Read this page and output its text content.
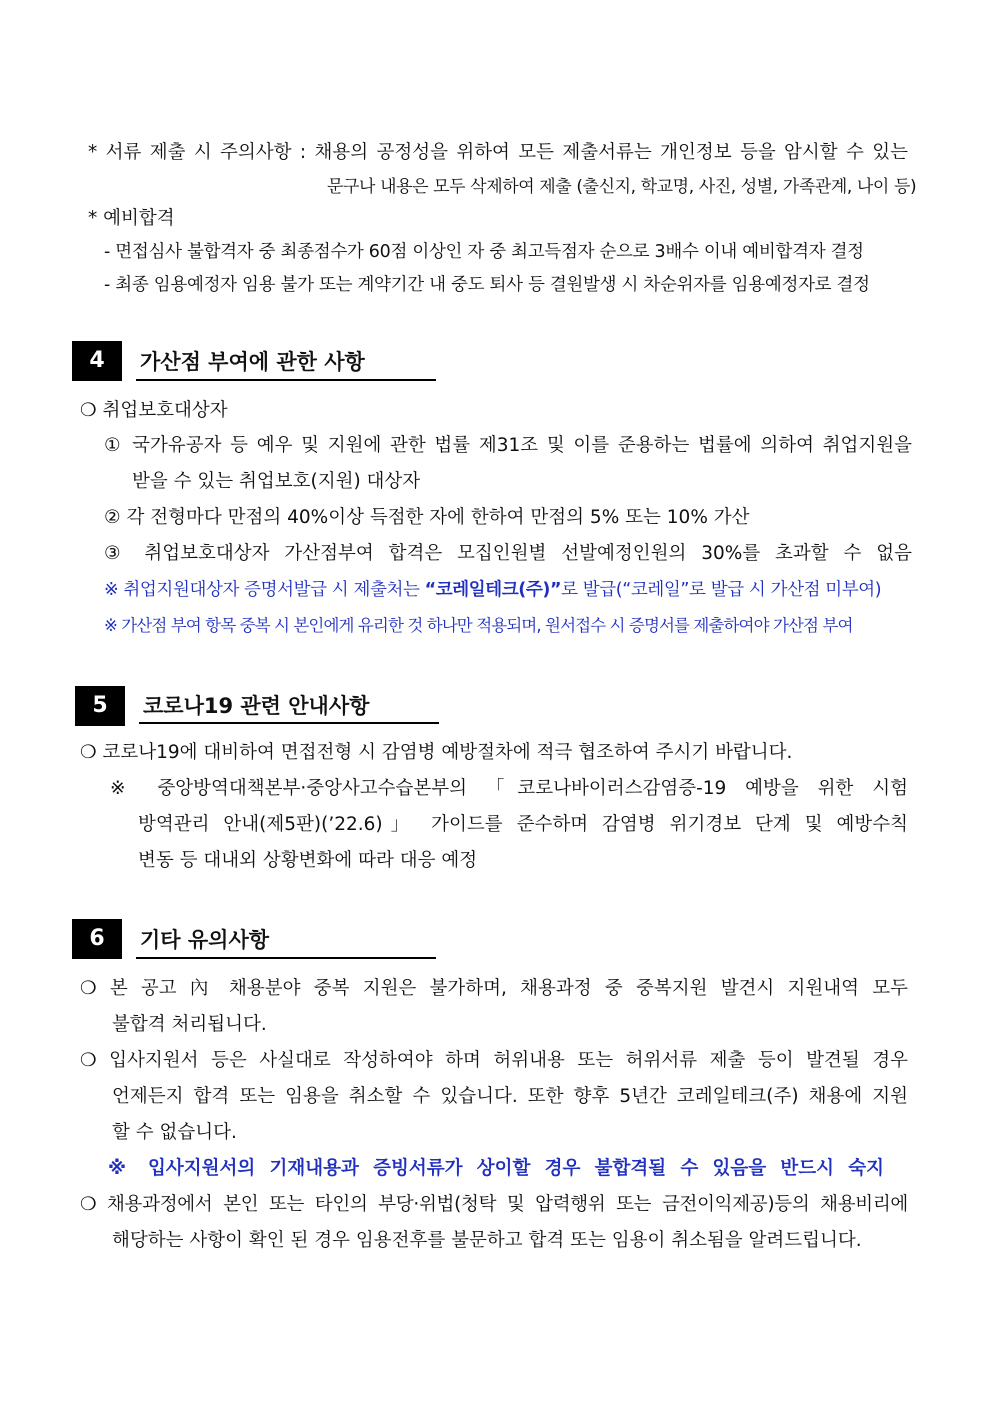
* 서류 제출 시 주의사항 : 채용의 공정성을 위하여 모든 제출서류는 개인정보 등을 암시할 수 있는
문구나 내용은 모두 삭제하여 제출 (출신지, 학교명, 사진, 성별, 가족관계, 나이 등)
* 예비합격
- 면접심사 불합격자 중 최종점수가 60점 이상인 자 중 최고득점자 순으로 3배수 이내 예비합격자 결정
- 최종 임용예정자 임용 불가 또는 계약기간 내 중도 퇴사 등 결원발생 시 차순위자를 임용예정자로 결정
4	가산점 부여에 관한 사항
❍ 취업보호대상자
① 국가유공자 등 예우 및 지원에 관한 법률 제31조 및 이를 준용하는 법률에 의하여 취업지원을
받을 수 있는 취업보호(지원) 대상자
② 각 전형마다 만점의 40%이상 득점한 자에 한하여 만점의 5% 또는 10% 가산
③ 취업보호대상자 가산점부여 합격은 모집인원별 선발예정인원의 30%를 초과할 수 없음
※ 취업지원대상자 증명서발급 시 제출처는 “코레일테크(주)”로 발급(“코레일”로 발급 시 가산점 미부여)
※ 가산점 부여 항목 중복 시 본인에게 유리한 것 하나만 적용되며, 원서접수 시 증명서를 제출하여야 가산점 부여
5	코로나19 관련 안내사항
❍ 코로나19에 대비하여 면접전형 시 감염병 예방절차에 적극 협조하여 주시기 바랍니다.
※ 중앙방역대책본부·중앙사고수습본부의 「코로나바이러스감염증-19 예방을 위한 시험
방역관리 안내(제5판)(’22.6)」 가이드를 준수하며 감염병 위기경보 단계 및 예방수칙
변동 등 대내외 상황변화에 따라 대응 예정
6	기타 유의사항
❍ 본 공고 內 채용분야 중복 지원은 불가하며, 채용과정 중 중복지원 발견시 지원내역 모두
불합격 처리됩니다.
❍ 입사지원서 등은 사실대로 작성하여야 하며 허위내용 또는 허위서류 제출 등이 발견될 경우
언제든지 합격 또는 임용을 취소할 수 있습니다. 또한 향후 5년간 코레일테크(주) 채용에 지원
할 수 없습니다.
※ 입사지원서의 기재내용과 증빙서류가 상이할 경우 불합격될 수 있음을 반드시 숙지
❍ 채용과정에서 본인 또는 타인의 부당·위법(청탁 및 압력행위 또는 금전이익제공)등의 채용비리에
해당하는 사항이 확인 된 경우 임용전후를 불문하고 합격 또는 임용이 취소됨을 알려드립니다.
